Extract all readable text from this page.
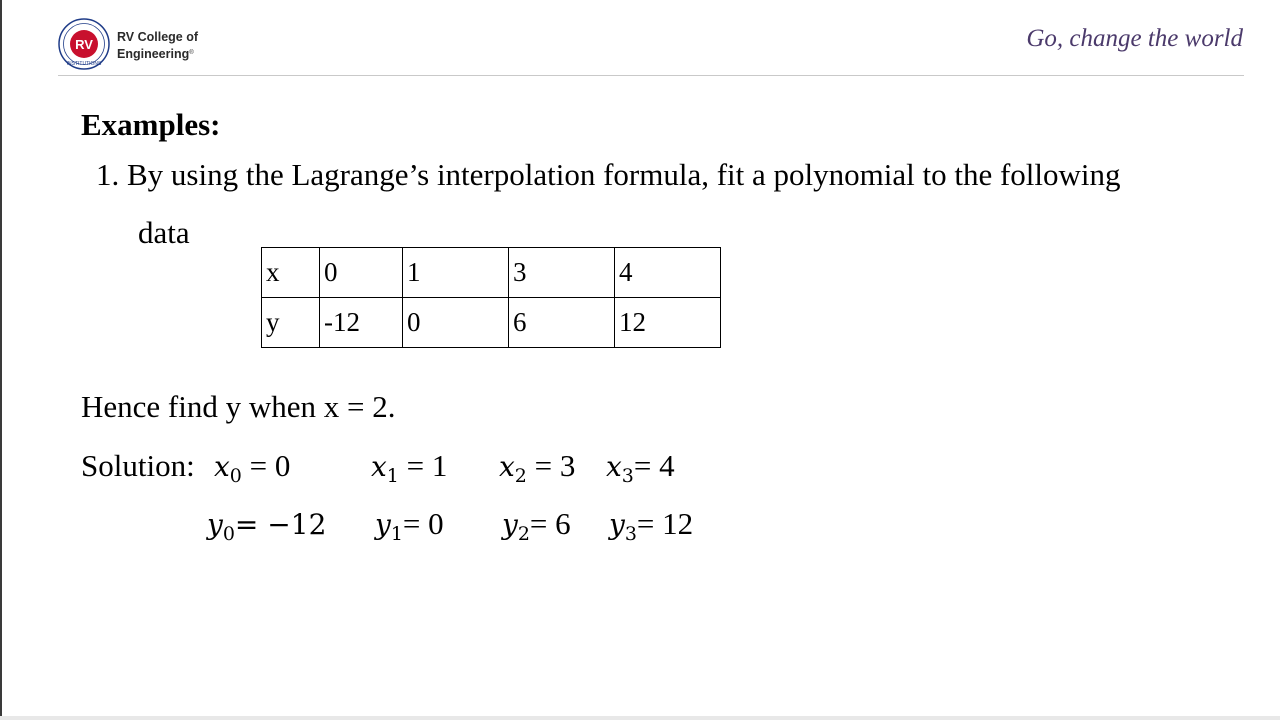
RV
INSTITUTIONS
RV College of
Engineering®
Go, change the world
Examples:
1. By using the Lagrange’s interpolation formula, fit a polynomial to the following
data
x	0	1	3	4
y	-12	0	6	12
Hence find y when x = 2.
Solution: x0 = 0	x1 = 1 x2 = 3 x3= 4
y0= −12 y1= 0 y2= 6 y3= 12
